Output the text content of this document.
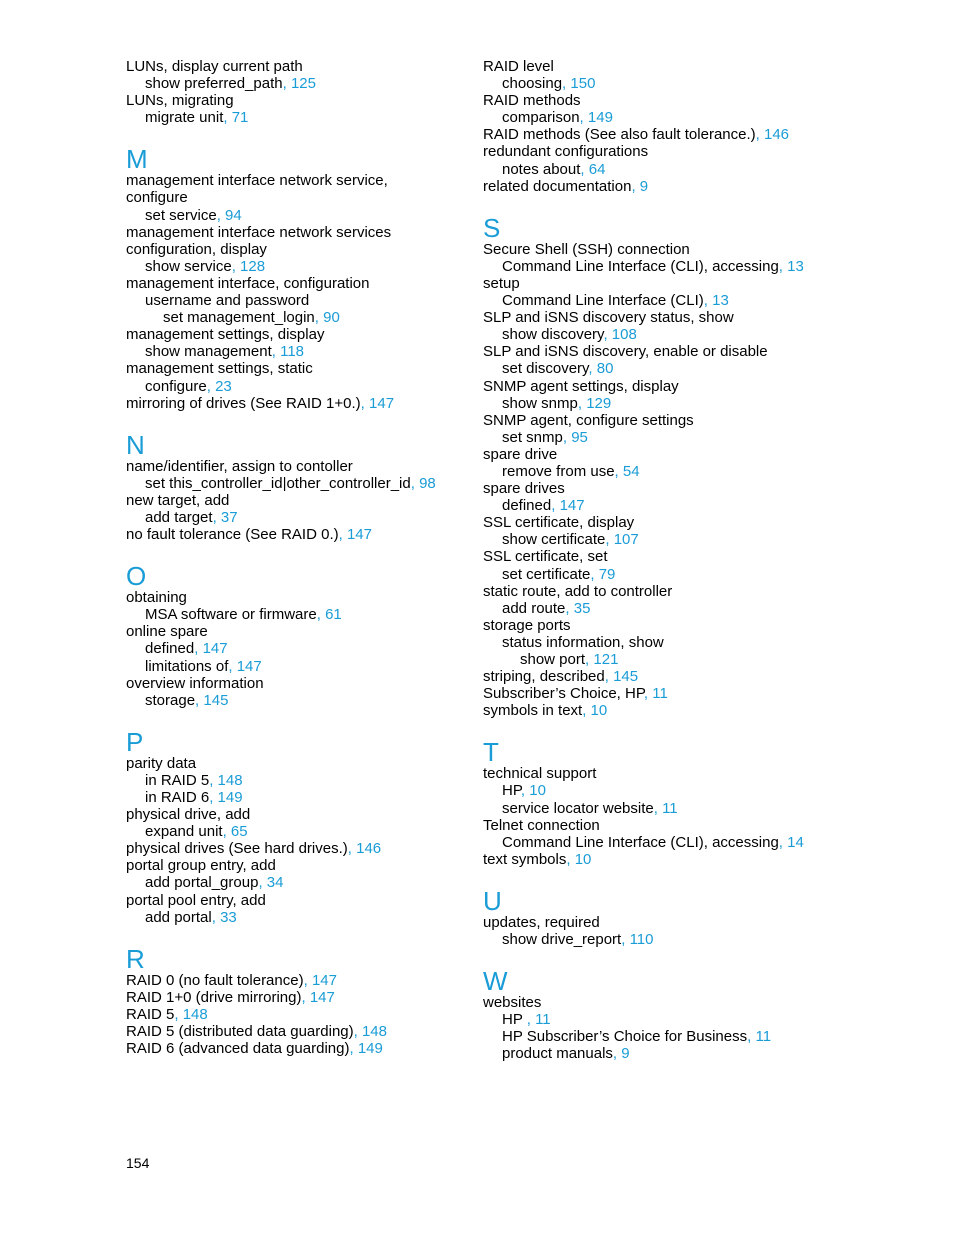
LUNs, display current path
show preferred_path, 125
LUNs, migrating
migrate unit, 71
M
management interface network service,
configure
set service, 94
management interface network services
configuration, display
show service, 128
management interface, configuration
username and password
set management_login, 90
management settings, display
show management, 118
management settings, static
configure, 23
mirroring of drives (See RAID 1+0.), 147
N
name/identifier, assign to contoller
set this_controller_id|other_controller_id, 98
new target, add
add target, 37
no fault tolerance (See RAID 0.), 147
O
obtaining
MSA software or firmware, 61
online spare
defined, 147
limitations of, 147
overview information
storage, 145
P
parity data
in RAID 5, 148
in RAID 6, 149
physical drive, add
expand unit, 65
physical drives (See hard drives.), 146
portal group entry, add
add portal_group, 34
portal pool entry, add
add portal, 33
R
RAID 0 (no fault tolerance), 147
RAID 1+0 (drive mirroring), 147
RAID 5, 148
RAID 5 (distributed data guarding), 148
RAID 6 (advanced data guarding), 149
RAID level
choosing, 150
RAID methods
comparison, 149
RAID methods (See also fault tolerance.), 146
redundant configurations
notes about, 64
related documentation, 9
S
Secure Shell (SSH) connection
Command Line Interface (CLI), accessing, 13
setup
Command Line Interface (CLI), 13
SLP and iSNS discovery status, show
show discovery, 108
SLP and iSNS discovery, enable or disable
set discovery, 80
SNMP agent settings, display
show snmp, 129
SNMP agent, configure settings
set snmp, 95
spare drive
remove from use, 54
spare drives
defined, 147
SSL certificate, display
show certificate, 107
SSL certificate, set
set certificate, 79
static route, add to controller
add route, 35
storage ports
status information, show
show port, 121
striping, described, 145
Subscriber’s Choice, HP, 11
symbols in text, 10
T
technical support
HP, 10
service locator website, 11
Telnet connection
Command Line Interface (CLI), accessing, 14
text symbols, 10
U
updates, required
show drive_report, 110
W
websites
HP , 11
HP Subscriber’s Choice for Business, 11
product manuals, 9
154
